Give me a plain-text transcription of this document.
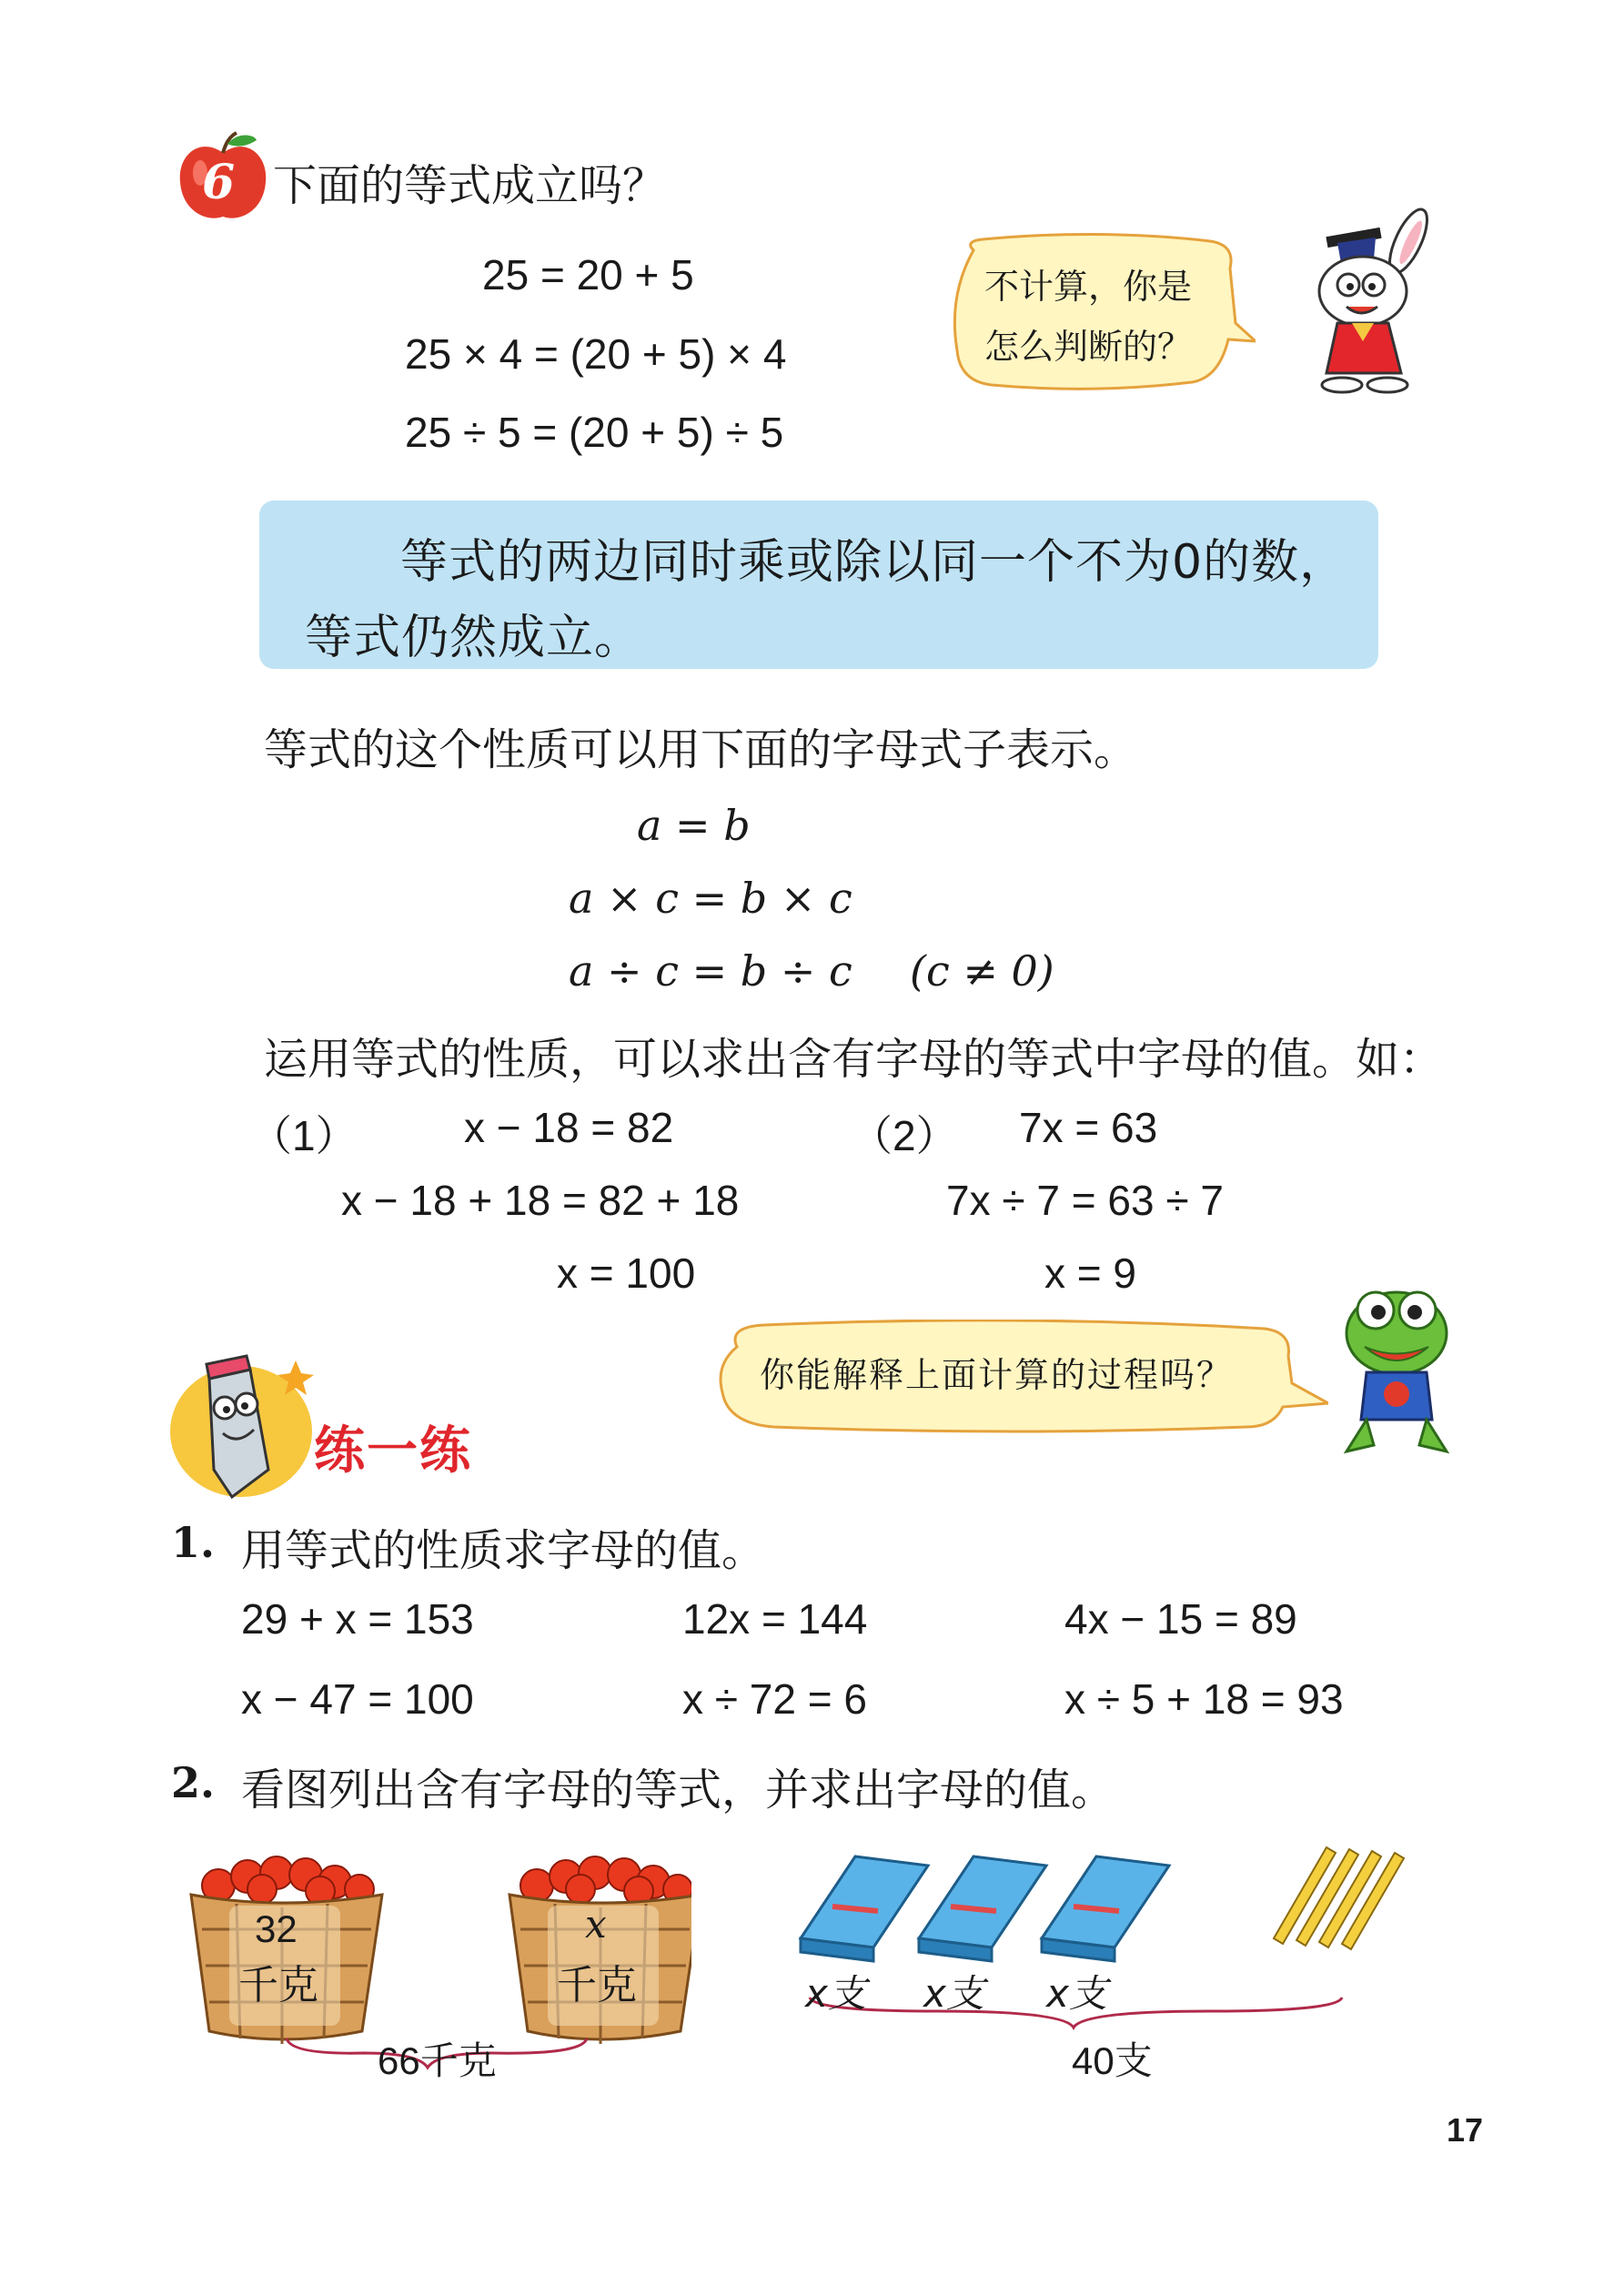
6 下面的等式成立吗？
25 = 20 + 5
25 × 4 = (20 + 5) × 4
25 ÷ 5 = (20 + 5) ÷ 5
不计算，你是
怎么判断的？
等式的两边同时乘或除以同一个不为0的数，
等式仍然成立。
等式的这个性质可以用下面的字母式子表示。
a = b
a × c = b × c
a ÷ c = b ÷ c (c ≠ 0)
运用等式的性质，可以求出含有字母的等式中字母的值。如：
（1）	x − 18 = 82
x − 18 + 18 = 82 + 18
x = 100
（2） 7x = 63
7x ÷ 7 = 63 ÷ 7
x = 9
你能解释上面计算的过程吗？
练一练
1. 用等式的性质求字母的值。
29 + x = 153	12x = 144	4x − 15 = 89
x − 47 = 100	x ÷ 72 = 6	x ÷ 5 + 18 = 93
2. 看图列出含有字母的等式，并求出字母的值。
32
千克
x
千克
66千克
x支 x支 x支
40支
17
